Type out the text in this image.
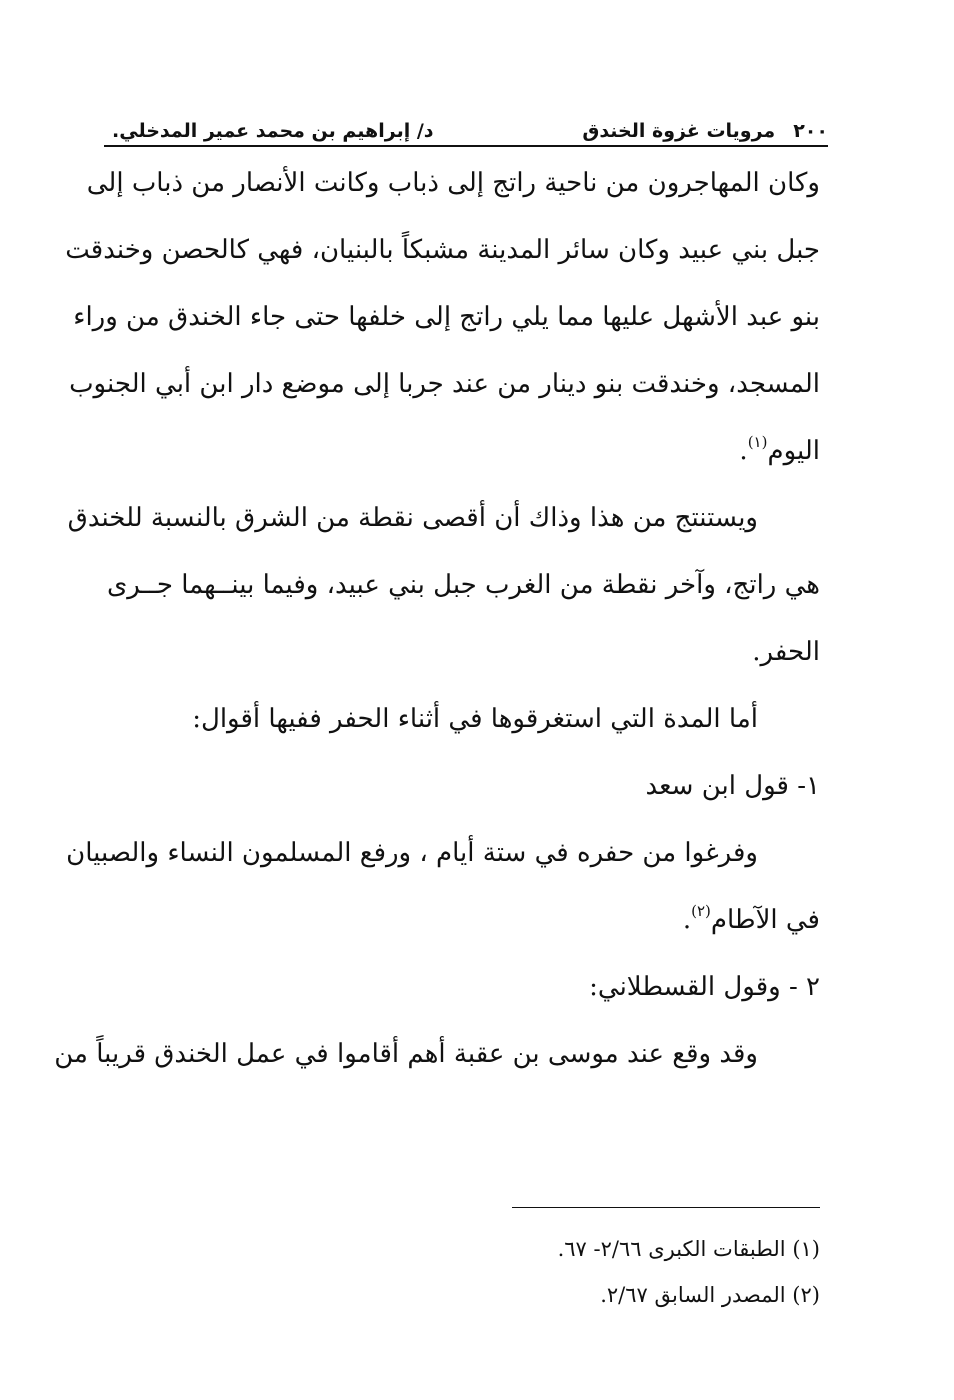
٢٠٠
مرويات غزوة الخندق
د/ إبراهيم بن محمد عمير المدخلي.
وكان المهاجرون من ناحية راتج إلى ذباب وكانت الأنصار من ذباب إلى
جبل بني عبيد وكان سائر المدينة مشبكاً بالبنيان، فهي كالحصن وخندقت
بنو عبد الأشهل عليها مما يلي راتج إلى خلفها حتى جاء الخندق من وراء
المسجد، وخندقت بنو دينار من عند جربا إلى موضع دار ابن أبي الجنوب
اليوم$^{(١)}$.
ويستنتج من هذا وذاك أن أقصى نقطة من الشرق بالنسبة للخندق
هي راتج، وآخر نقطة من الغرب جبل بني عبيد، وفيما بينــهما جــرى
الحفر.
أما المدة التي استغرقوها في أثناء الحفر ففيها أقوال:
١- قول ابن سعد
وفرغوا من حفره في ستة أيام ، ورفع المسلمون النساء والصبيان
في الآطام$^{(٢)}$.
٢ - وقول القسطلاني:
وقد وقع عند موسى بن عقبة أهم أقاموا في عمل الخندق قريباً من
(١) الطبقات الكبرى ٢/٦٦- ٦٧.
(٢) المصدر السابق ٢/٦٧.
